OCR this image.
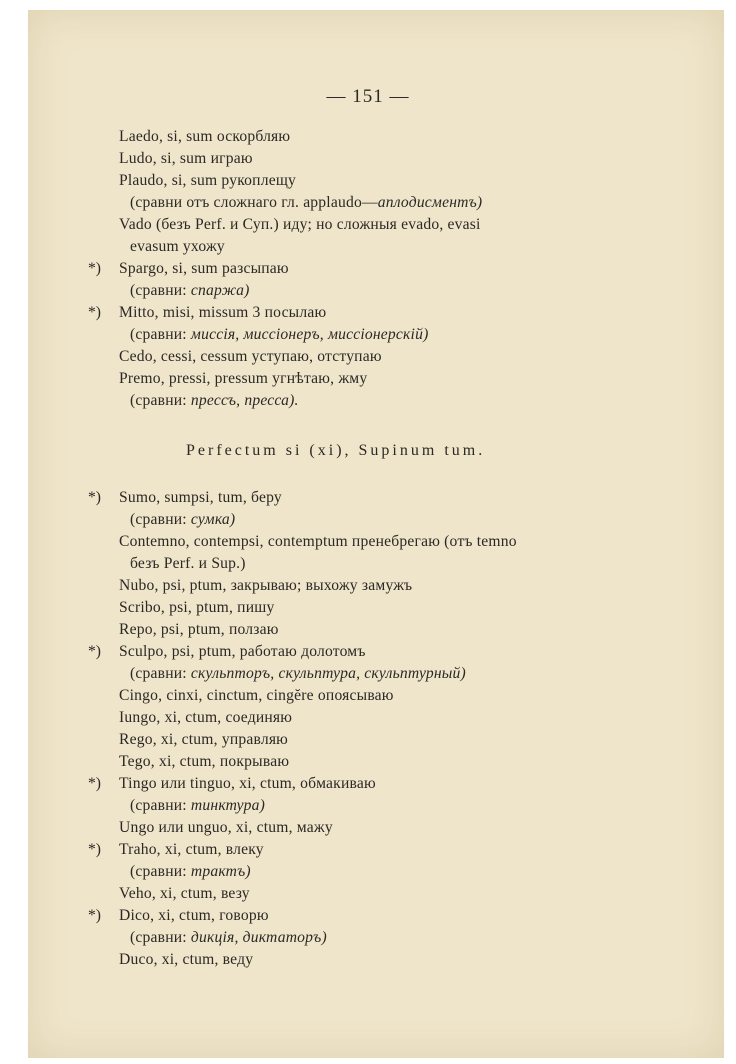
— 151 —
Laedo, si, sum оскорбляю
Ludo, si, sum играю
Plaudo, si, sum рукоплещу
(сравни отъ сложнаго гл. applaudo—аплодисментъ)
Vado (безъ Perf. и Суп.) иду; но сложныя evado, evasi
evasum ухожу
*) Spargo, si, sum разсыпаю
(сравни: спаржа)
*) Mitto, misi, missum 3 посылаю
(сравни: миссія, миссіонеръ, миссіонерскій)
Cedo, cessi, cessum уступаю, отступаю
Premo, pressi, pressum угнѣтаю, жму
(сравни: прессъ, пресса).
Perfectum si (xi), Supinum tum.
*) Sumo, sumpsi, tum, беру
(сравни: сумка)
Contemno, contempsi, contemptum пренебрегаю (отъ temno
безъ Perf. и Sup.)
Nubo, psi, ptum, закрываю; выхожу замужъ
Scribo, psi, ptum, пишу
Repo, psi, ptum, ползаю
*) Sculpo, psi, ptum, работаю долотомъ
(сравни: скульпторъ, скульптура, скульптурный)
Cingo, cinxi, cinctum, cingĕre опоясываю
Iungo, xi, ctum, соединяю
Rego, xi, ctum, управляю
Tego, xi, ctum, покрываю
*) Tingo или tinguo, xi, ctum, обмакиваю
(сравни: тинктура)
Ungo или unguo, xi, ctum, мажу
*) Traho, xi, ctum, влеку
(сравни: трактъ)
Veho, xi, ctum, везу
*) Dico, xi, ctum, говорю
(сравни: дикція, диктаторъ)
Duco, xi, ctum, веду
